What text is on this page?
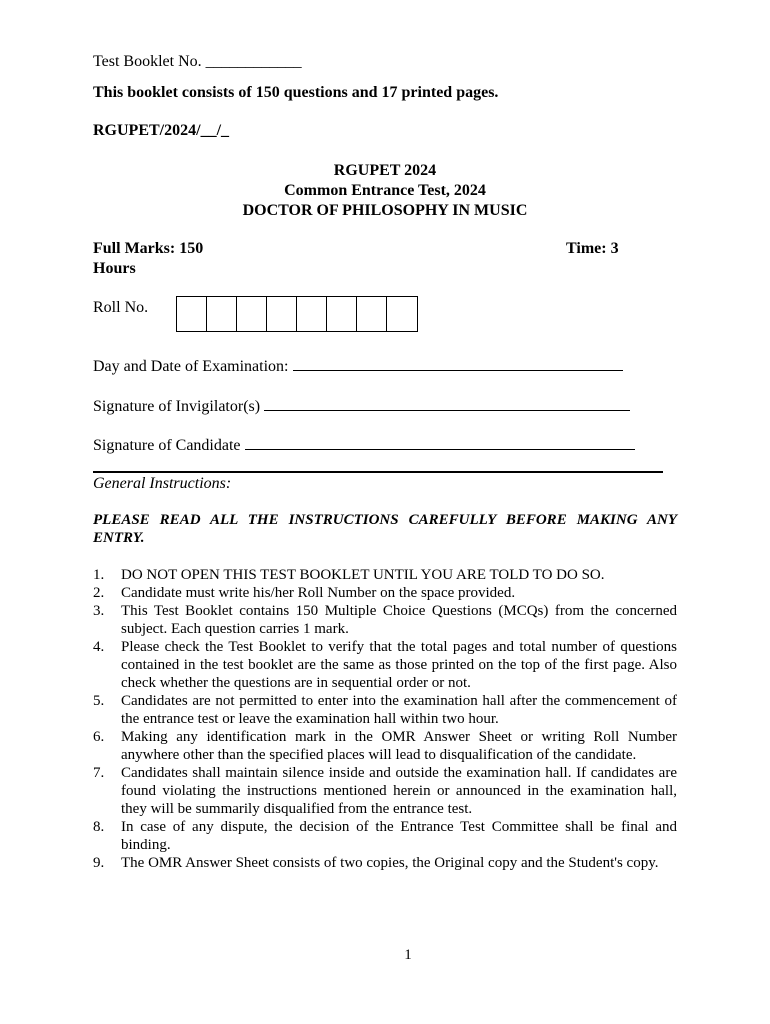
Test Booklet No. ____________

This booklet consists of 150 questions and 17 printed pages.

RGUPET/2024/__/_

RGUPET 2024

Common Entrance Test, 2024

DOCTOR OF PHILOSOPHY IN MUSIC

Full Marks: 150	Time: 3

Hours

Roll No.

Day and Date of Examination:

Signature of Invigilator(s)

Signature of Candidate

General Instructions:

PLEASE READ ALL THE INSTRUCTIONS CAREFULLY BEFORE MAKING ANY ENTRY.

1. DO NOT OPEN THIS TEST BOOKLET UNTIL YOU ARE TOLD TO DO SO.
2. Candidate must write his/her Roll Number on the space provided.
3. This Test Booklet contains 150 Multiple Choice Questions (MCQs) from the concerned subject. Each question carries 1 mark.
4. Please check the Test Booklet to verify that the total pages and total number of questions contained in the test booklet are the same as those printed on the top of the first page. Also check whether the questions are in sequential order or not.
5. Candidates are not permitted to enter into the examination hall after the commencement of the entrance test or leave the examination hall within two hour.
6. Making any identification mark in the OMR Answer Sheet or writing Roll Number anywhere other than the specified places will lead to disqualification of the candidate.
7. Candidates shall maintain silence inside and outside the examination hall. If candidates are found violating the instructions mentioned herein or announced in the examination hall, they will be summarily disqualified from the entrance test.
8. In case of any dispute, the decision of the Entrance Test Committee shall be final and binding.
9. The OMR Answer Sheet consists of two copies, the Original copy and the Student's copy.

1
